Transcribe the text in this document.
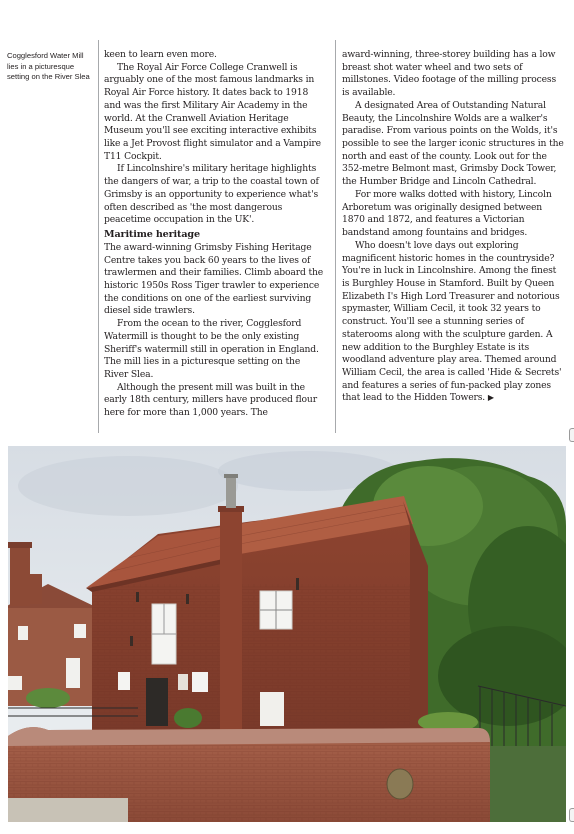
Cogglesford Water Mill lies in a picturesque setting on the River Slea

keen to learn even more.

The Royal Air Force College Cranwell is arguably one of the most famous landmarks in Royal Air Force history. It dates back to 1918 and was the first Military Air Academy in the world. At the Cranwell Aviation Heritage Museum you'll see exciting interactive exhibits like a Jet Provost flight simulator and a Vampire T11 Cockpit.

If Lincolnshire's military heritage highlights the dangers of war, a trip to the coastal town of Grimsby is an opportunity to experience what's often described as 'the most dangerous peacetime occupation in the UK'.

Maritime heritage

The award-winning Grimsby Fishing Heritage Centre takes you back 60 years to the lives of trawlermen and their families. Climb aboard the historic 1950s Ross Tiger trawler to experience the conditions on one of the earliest surviving diesel side trawlers.

From the ocean to the river, Cogglesford Watermill is thought to be the only existing Sheriff's watermill still in operation in England. The mill lies in a picturesque setting on the River Slea.

Although the present mill was built in the early 18th century, millers have produced flour here for more than 1,000 years. The

award-winning, three-storey building has a low breast shot water wheel and two sets of millstones. Video footage of the milling process is available.

A designated Area of Outstanding Natural Beauty, the Lincolnshire Wolds are a walker's paradise. From various points on the Wolds, it's possible to see the larger iconic structures in the north and east of the county. Look out for the 352-metre Belmont mast, Grimsby Dock Tower, the Humber Bridge and Lincoln Cathedral.

For more walks dotted with history, Lincoln Arboretum was originally designed between 1870 and 1872, and features a Victorian bandstand among fountains and bridges.

Who doesn't love days out exploring magnificent historic homes in the countryside? You're in luck in Lincolnshire. Among the finest is Burghley House in Stamford. Built by Queen Elizabeth I's High Lord Treasurer and notorious spymaster, William Cecil, it took 32 years to construct. You'll see a stunning series of staterooms along with the sculpture garden. A new addition to the Burghley Estate is its woodland adventure play area. Themed around William Cecil, the area is called 'Hide & Secrets' and features a series of fun-packed play zones that lead to the Hidden Towers. ▶
